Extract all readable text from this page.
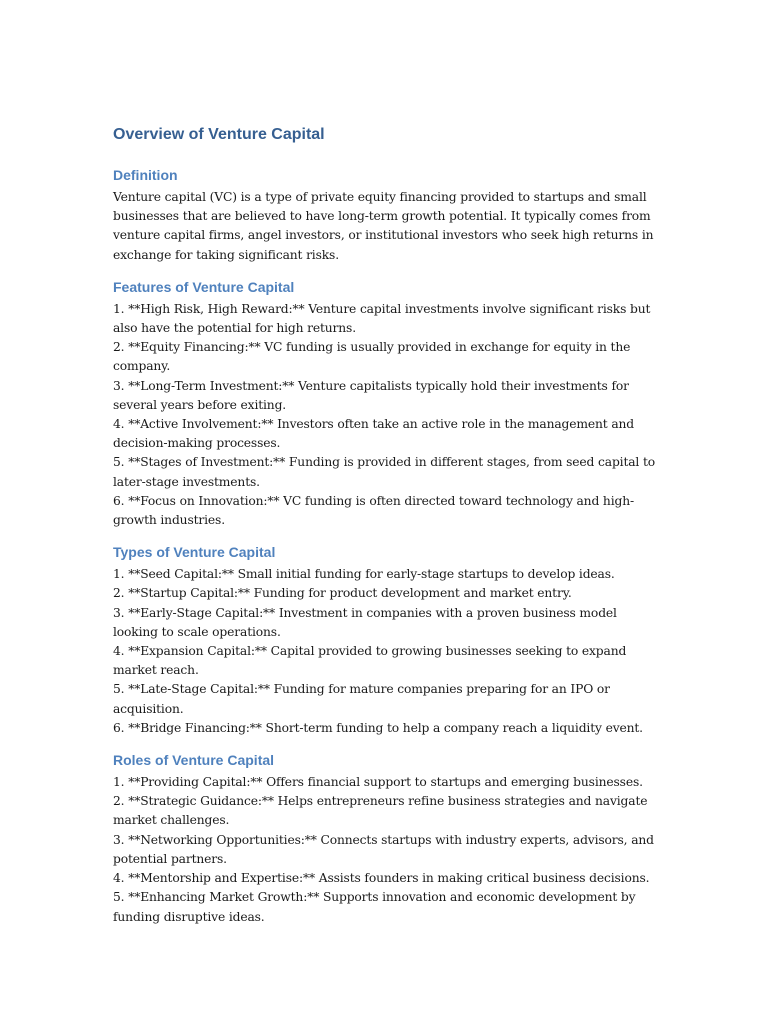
Overview of Venture Capital
Definition

Venture capital (VC) is a type of private equity financing provided to startups and small businesses that are believed to have long-term growth potential. It typically comes from venture capital firms, angel investors, or institutional investors who seek high returns in exchange for taking significant risks.

Features of Venture Capital
1. **High Risk, High Reward:** Venture capital investments involve significant risks but also have the potential for high returns.
2. **Equity Financing:** VC funding is usually provided in exchange for equity in the company.
3. **Long-Term Investment:** Venture capitalists typically hold their investments for several years before exiting.
4. **Active Involvement:** Investors often take an active role in the management and decision-making processes.
5. **Stages of Investment:** Funding is provided in different stages, from seed capital to later-stage investments.
6. **Focus on Innovation:** VC funding is often directed toward technology and high-growth industries.
Types of Venture Capital
1. **Seed Capital:** Small initial funding for early-stage startups to develop ideas.
2. **Startup Capital:** Funding for product development and market entry.
3. **Early-Stage Capital:** Investment in companies with a proven business model looking to scale operations.
4. **Expansion Capital:** Capital provided to growing businesses seeking to expand market reach.
5. **Late-Stage Capital:** Funding for mature companies preparing for an IPO or acquisition.
6. **Bridge Financing:** Short-term funding to help a company reach a liquidity event.
Roles of Venture Capital
1. **Providing Capital:** Offers financial support to startups and emerging businesses.
2. **Strategic Guidance:** Helps entrepreneurs refine business strategies and navigate market challenges.
3. **Networking Opportunities:** Connects startups with industry experts, advisors, and potential partners.
4. **Mentorship and Expertise:** Assists founders in making critical business decisions.
5. **Enhancing Market Growth:** Supports innovation and economic development by funding disruptive ideas.
